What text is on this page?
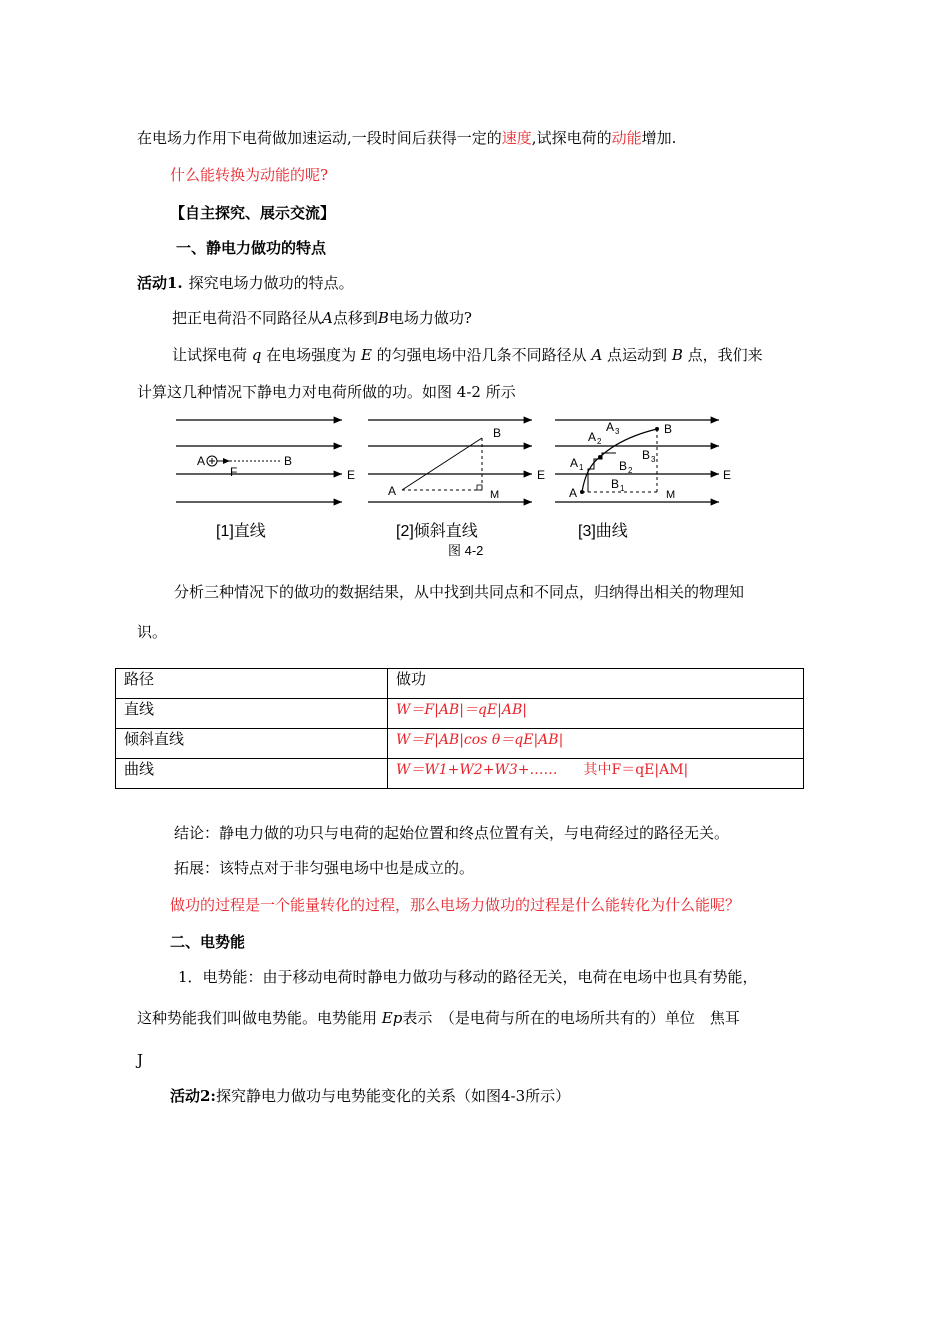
在电场力作用下电荷做加速运动,一段时间后获得一定的速度,试探电荷的动能增加.
什么能转换为动能的呢?
【自主探究、展示交流】
一、静电力做功的特点
活动1. 探究电场力做功的特点。
把正电荷沿不同路径从A点移到B电场力做功?
让试探电荷 q 在电场强度为 E 的匀强电场中沿几条不同路径从 A 点运动到 B 点，我们来
计算这几种情况下静电力对电荷所做的功。如图 4-2 所示
A
F
B
E
[1]直线
A
B
M
E
[2]倾斜直线
A
A 1
A 2
A 3
B 1
B 2
B 3
B
M
E
[3]曲线
图 4-2
分析三种情况下的做功的数据结果，从中找到共同点和不同点，归纳得出相关的物理知
识。
路径	做功
直线	W＝F|AB|＝qE|AB|
倾斜直线	W＝F|AB|cos θ＝qE|AB|
曲线	W＝W1+W2+W3+…… 其中F＝qE|AM|
结论：静电力做的功只与电荷的起始位置和终点位置有关，与电荷经过的路径无关。
拓展：该特点对于非匀强电场中也是成立的。
做功的过程是一个能量转化的过程，那么电场力做功的过程是什么能转化为什么能呢？
二、电势能
1．电势能：由于移动电荷时静电力做功与移动的路径无关，电荷在电场中也具有势能，
这种势能我们叫做电势能。电势能用 Ep表示　（是电荷与所在的电场所共有的）单位　焦耳
J
活动2:探究静电力做功与电势能变化的关系（如图4-3所示）
